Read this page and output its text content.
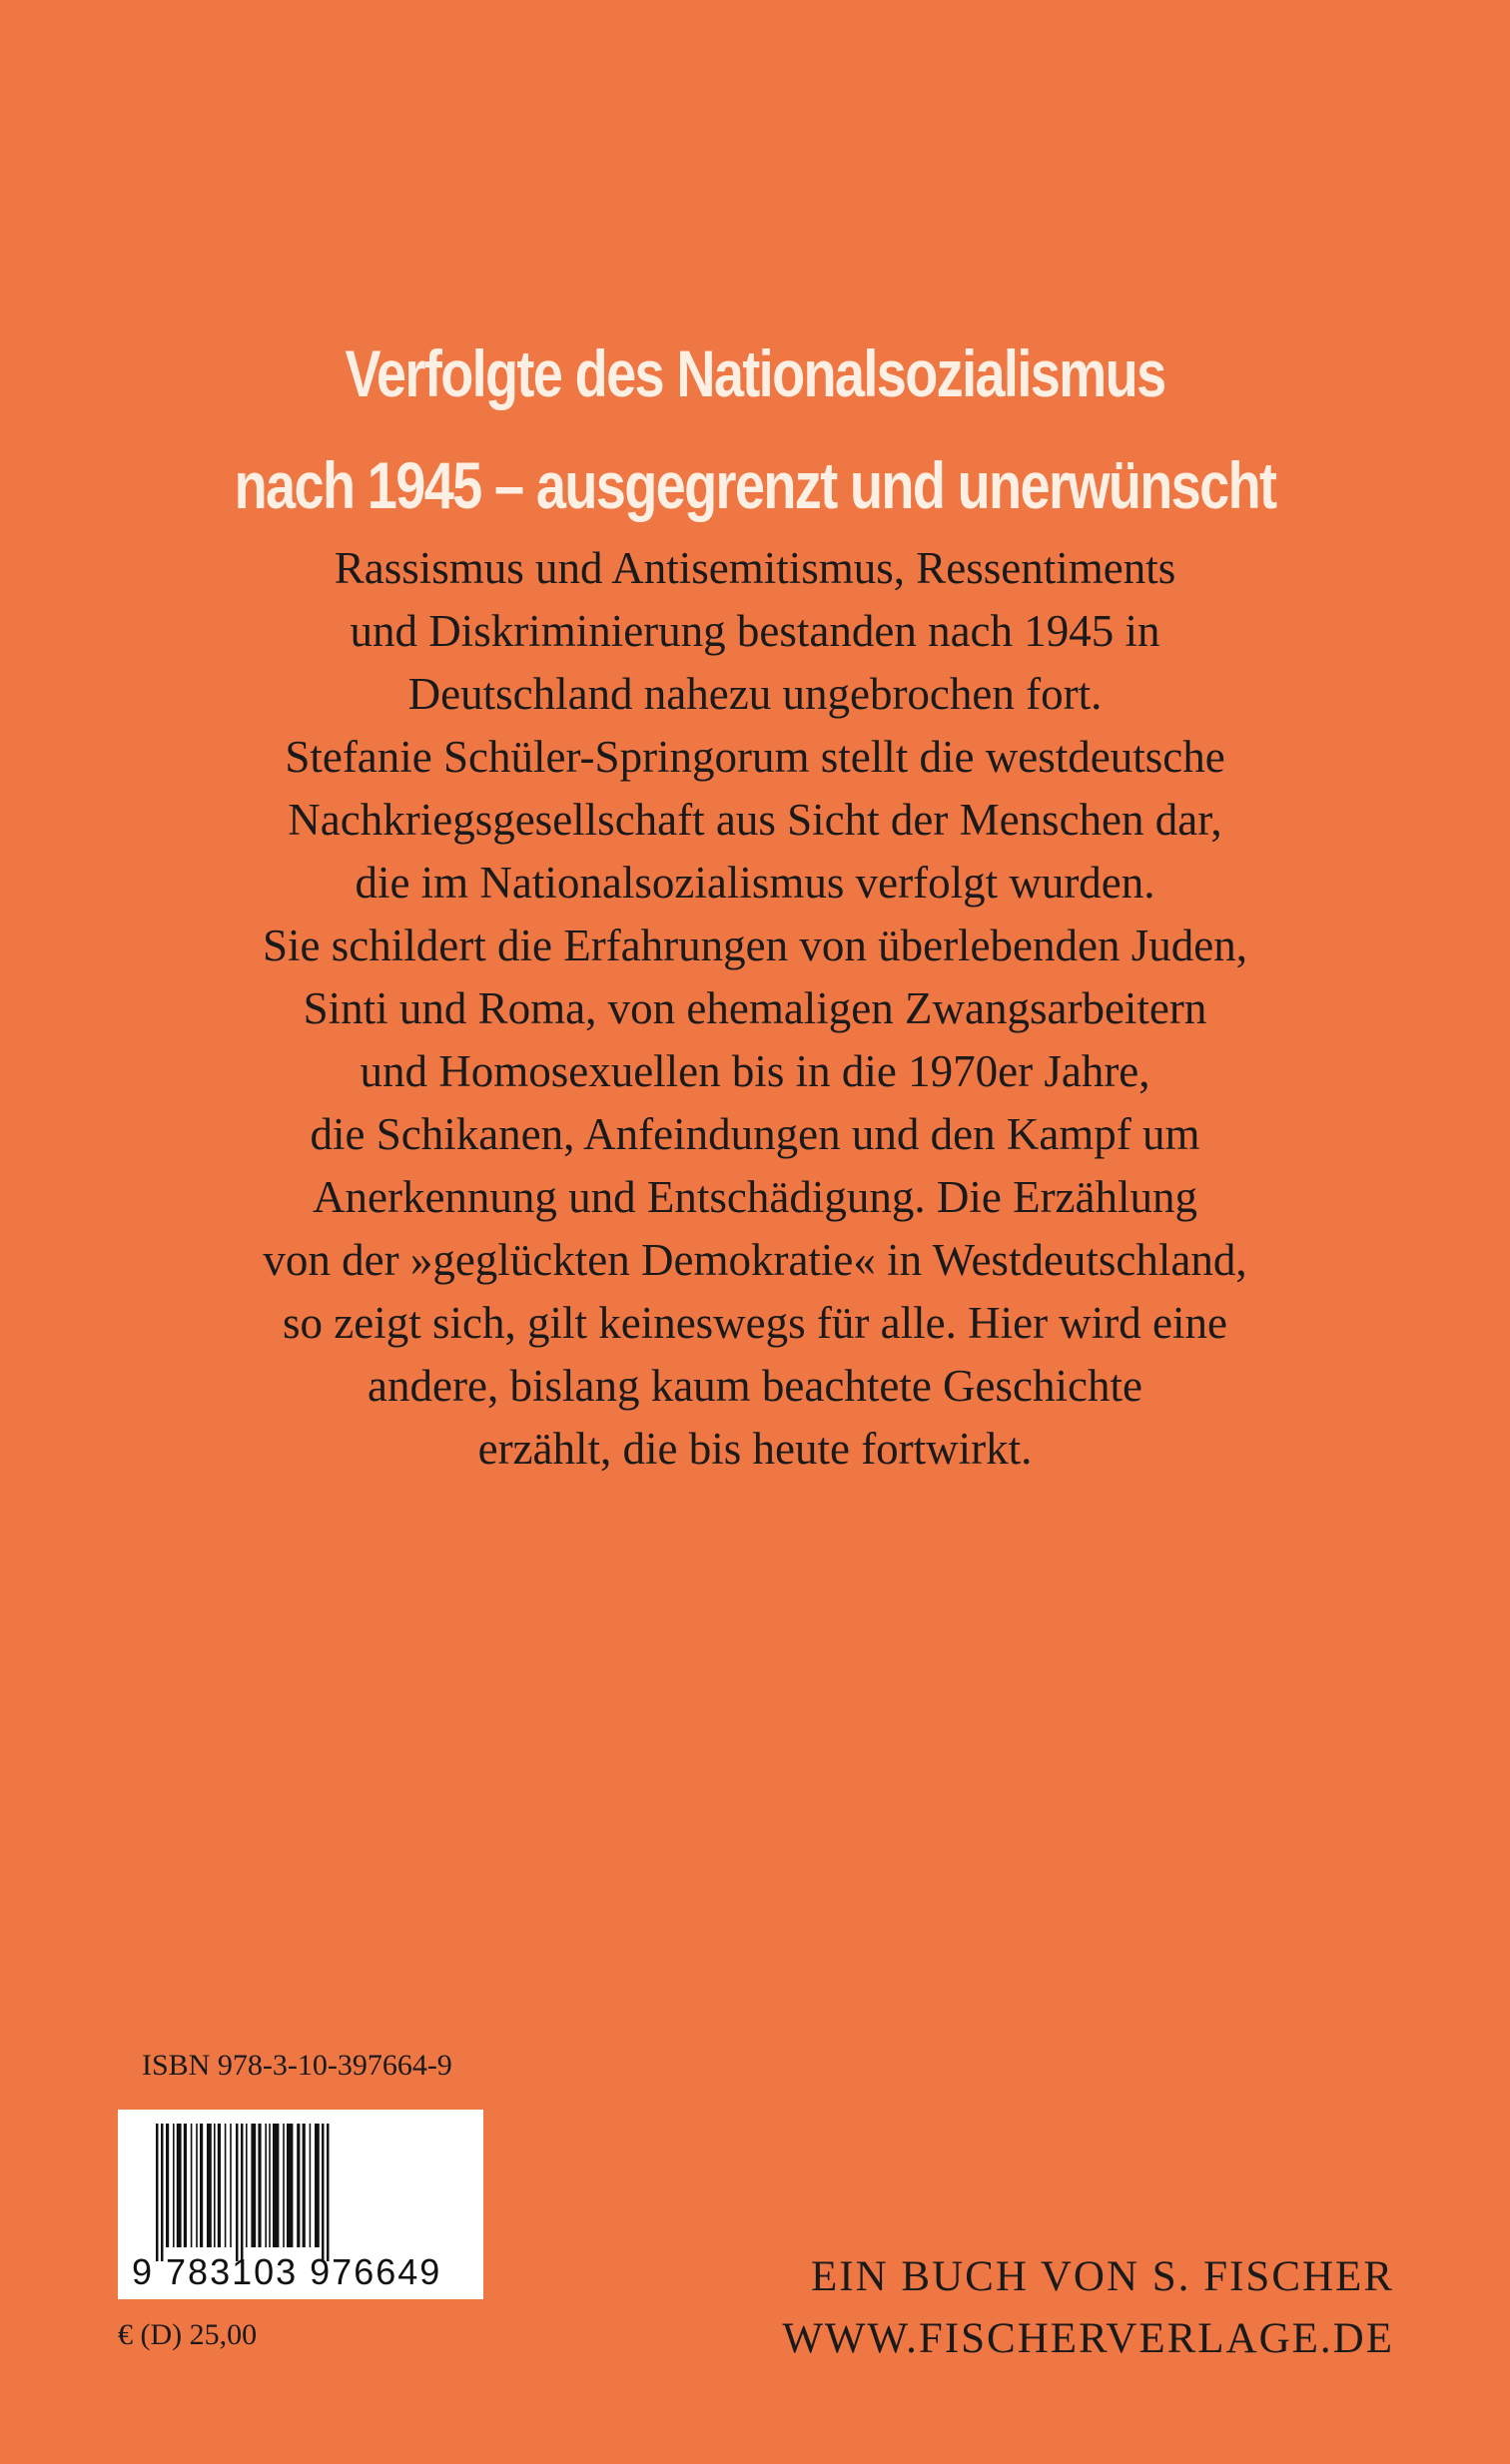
Verfolgte des Nationalsozialismus
nach 1945 – ausgegrenzt und unerwünscht
Rassismus und Antisemitismus, Ressentiments
und Diskriminierung bestanden nach 1945 in
Deutschland nahezu ungebrochen fort.
Stefanie Schüler-Springorum stellt die westdeutsche
Nachkriegsgesellschaft aus Sicht der Menschen dar,
die im Nationalsozialismus verfolgt wurden.
Sie schildert die Erfahrungen von überlebenden Juden,
Sinti und Roma, von ehemaligen Zwangsarbeitern
und Homosexuellen bis in die 1970er Jahre,
die Schikanen, Anfeindungen und den Kampf um
Anerkennung und Entschädigung. Die Erzählung
von der »geglückten Demokratie« in Westdeutschland,
so zeigt sich, gilt keineswegs für alle. Hier wird eine
andere, bislang kaum beachtete Geschichte
erzählt, die bis heute fortwirkt.
ISBN 978-3-10-397664-9
9 783103 976649
€ (D) 25,00
EIN BUCH VON S. FISCHER
WWW.FISCHERVERLAGE.DE
